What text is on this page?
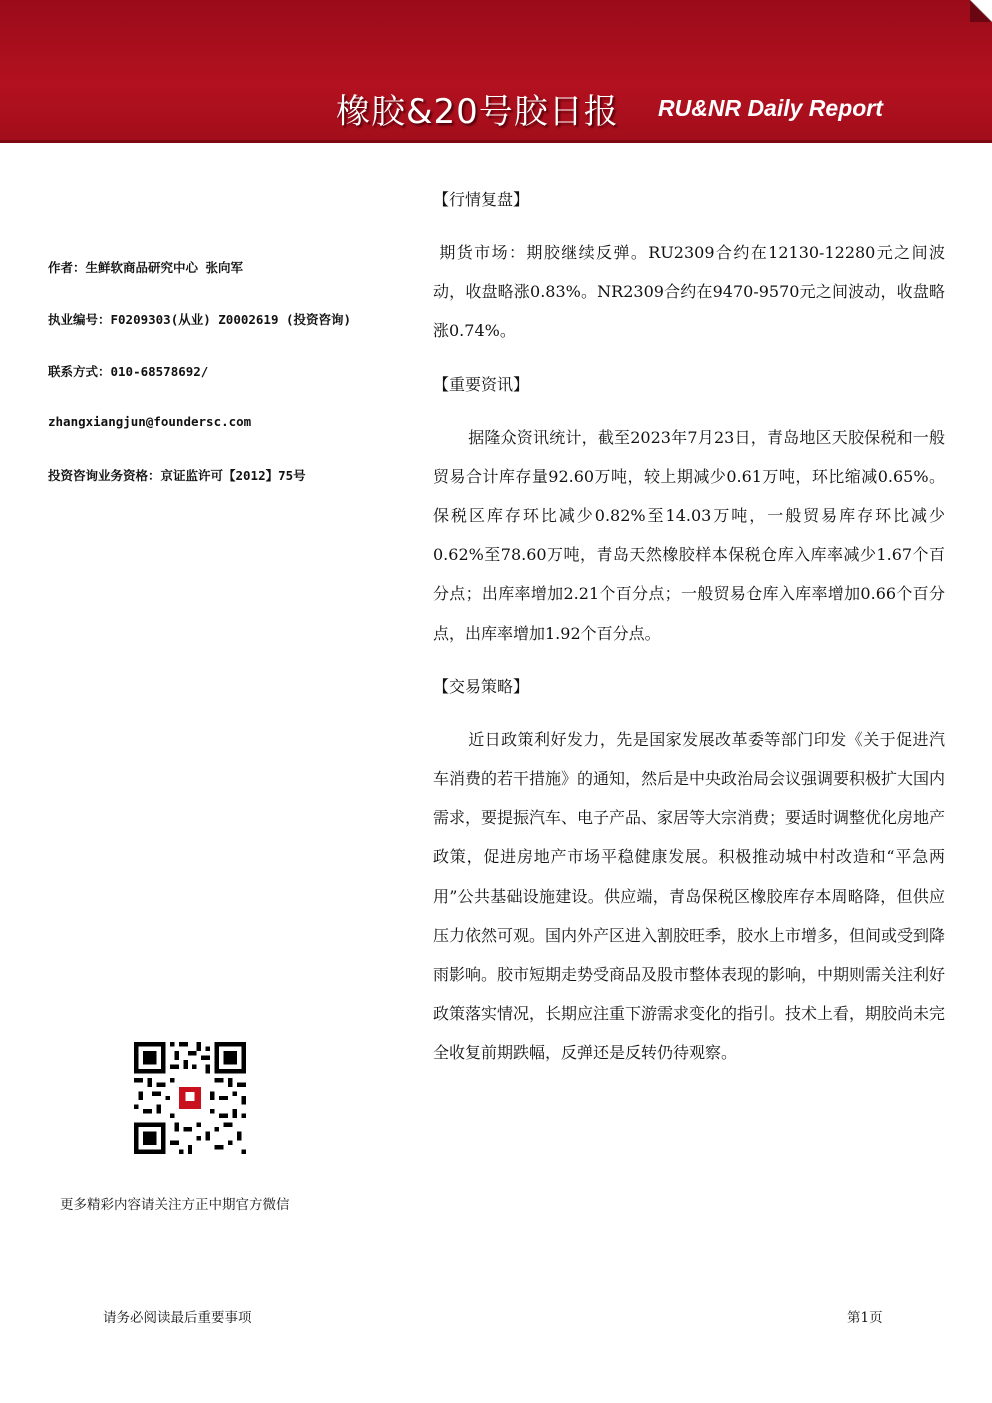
橡胶&20号胶日报 RU&NR Daily Report
作者：生鲜软商品研究中心 张向军
执业编号：F0209303(从业) Z0002619 (投资咨询)
联系方式：010-68578692/
zhangxiangjun@foundersc.com
投资咨询业务资格：京证监许可【2012】75号
更多精彩内容请关注方正中期官方微信
【行情复盘】
期货市场：期胶继续反弹。RU2309合约在12130-12280元之间波动，收盘略涨0.83%。NR2309合约在9470-9570元之间波动，收盘略涨0.74%。
【重要资讯】
据隆众资讯统计，截至2023年7月23日，青岛地区天胶保税和一般贸易合计库存量92.60万吨，较上期减少0.61万吨，环比缩减0.65%。保税区库存环比减少0.82%至14.03万吨，一般贸易库存环比减少0.62%至78.60万吨，青岛天然橡胶样本保税仓库入库率减少1.67个百分点；出库率增加2.21个百分点；一般贸易仓库入库率增加0.66个百分点，出库率增加1.92个百分点。
【交易策略】
近日政策利好发力，先是国家发展改革委等部门印发《关于促进汽车消费的若干措施》的通知，然后是中央政治局会议强调要积极扩大国内需求，要提振汽车、电子产品、家居等大宗消费；要适时调整优化房地产政策，促进房地产市场平稳健康发展。积极推动城中村改造和“平急两用”公共基础设施建设。供应端，青岛保税区橡胶库存本周略降，但供应压力依然可观。国内外产区进入割胶旺季，胶水上市增多，但间或受到降雨影响。胶市短期走势受商品及股市整体表现的影响，中期则需关注利好政策落实情况，长期应注重下游需求变化的指引。技术上看，期胶尚未完全收复前期跌幅，反弹还是反转仍待观察。
请务必阅读最后重要事项	第1页
